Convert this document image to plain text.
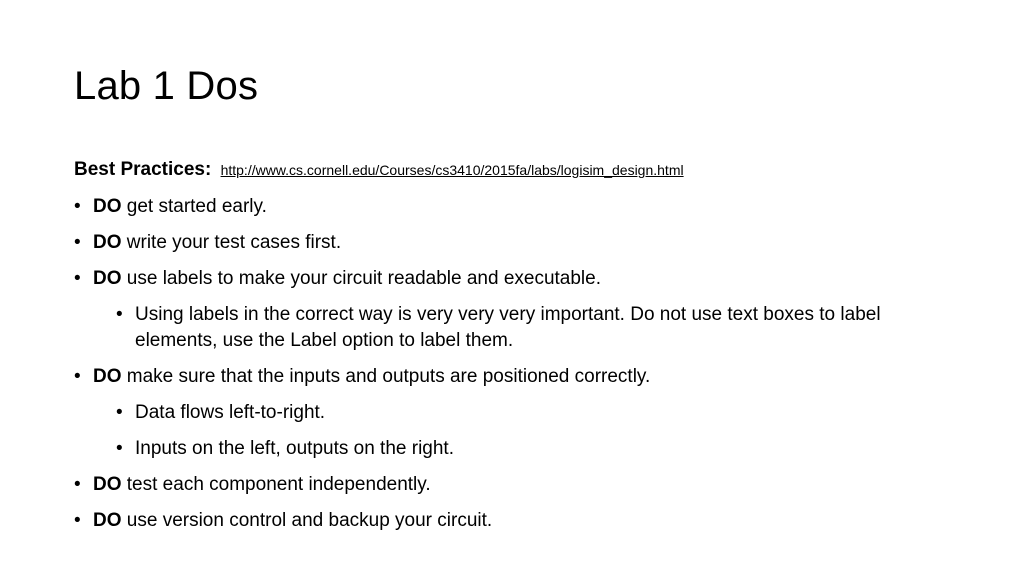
Lab 1 Dos
Best Practices: http://www.cs.cornell.edu/Courses/cs3410/2015fa/labs/logisim_design.html
• DO get started early.
• DO write your test cases first.
• DO use labels to make your circuit readable and executable.
• Using labels in the correct way is very very very important. Do not use text boxes to label elements, use the Label option to label them.
• DO make sure that the inputs and outputs are positioned correctly.
• Data flows left-to-right.
• Inputs on the left, outputs on the right.
• DO test each component independently.
• DO use version control and backup your circuit.
